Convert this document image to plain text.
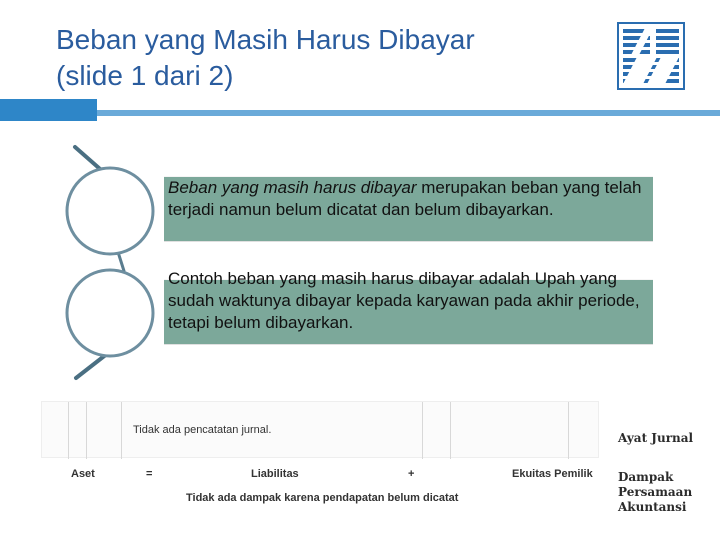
Beban yang Masih Harus Dibayar
(slide 1 dari 2)
Beban yang masih harus dibayar merupakan beban yang telah terjadi namun belum dicatat dan belum dibayarkan.
Contoh beban yang masih harus dibayar adalah Upah yang sudah waktunya dibayar kepada karyawan pada akhir periode, tetapi belum dibayarkan.
Tidak ada pencatatan jurnal.
Aset	=	Liabilitas	+	Ekuitas Pemilik
Tidak ada dampak karena pendapatan belum dicatat
Ayat Jurnal
Dampak
Persamaan
Akuntansi
